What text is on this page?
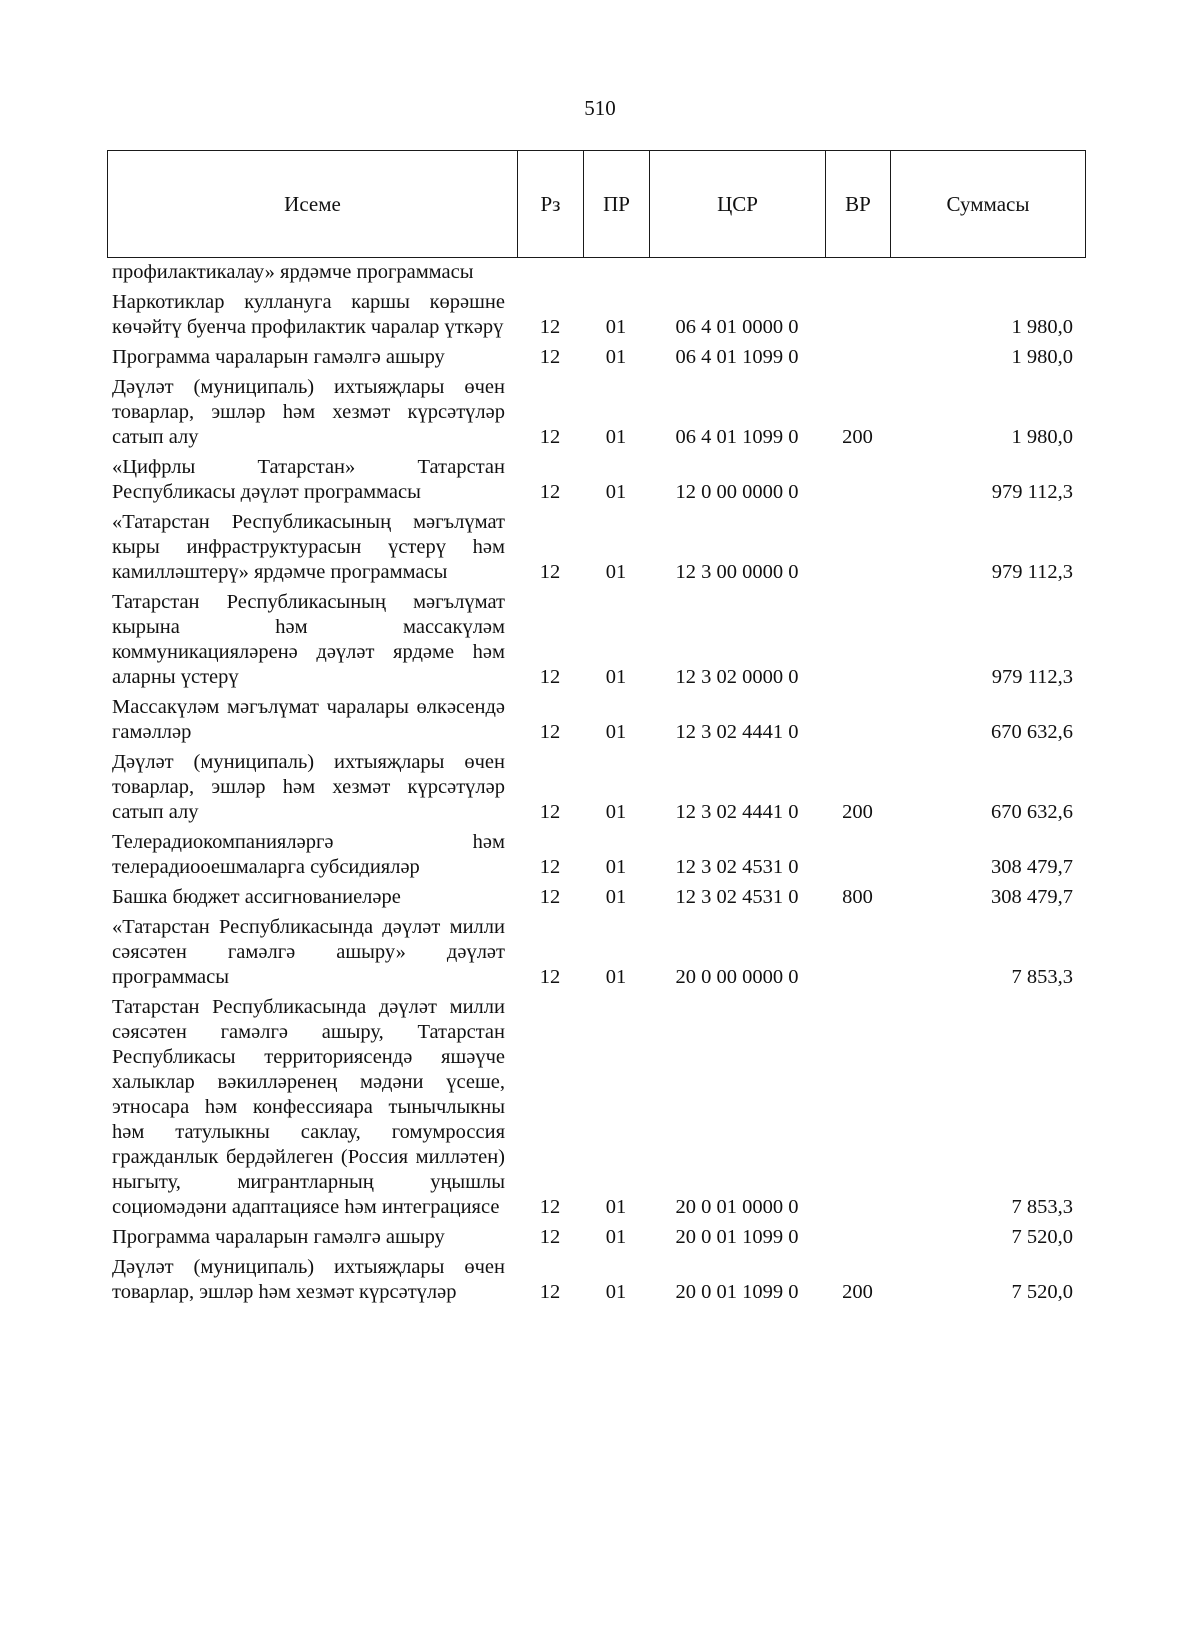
510
Исеме	Рз	ПР	ЦСР	ВР	Суммасы
профилактикалау» ярдәмче программасы					
Наркотиклар куллануга каршы көрәшне көчәйтү буенча профилактик чаралар үткәрү	12	01	06 4 01 0000 0		1 980,0
Программа чараларын гамәлгә ашыру	12	01	06 4 01 1099 0		1 980,0
Дәүләт (муниципаль) ихтыяҗлары өчен товарлар, эшләр һәм хезмәт күрсәтүләр сатып алу	12	01	06 4 01 1099 0	200	1 980,0
«Цифрлы Татарстан» Татарстан Республикасы дәүләт программасы	12	01	12 0 00 0000 0		979 112,3
«Татарстан Республикасының мәгълүмат кыры инфраструктурасын үстерү һәм камилләштерү» ярдәмче программасы	12	01	12 3 00 0000 0		979 112,3
Татарстан Республикасының мәгълүмат кырына һәм массакүләм коммуникацияләренә дәүләт ярдәме һәм аларны үстерү	12	01	12 3 02 0000 0		979 112,3
Массакүләм мәгълүмат чаралары өлкәсендә гамәлләр	12	01	12 3 02 4441 0		670 632,6
Дәүләт (муниципаль) ихтыяҗлары өчен товарлар, эшләр һәм хезмәт күрсәтүләр сатып алу	12	01	12 3 02 4441 0	200	670 632,6
Телерадиокомпанияләргә һәм телерадиооешмаларга субсидияләр	12	01	12 3 02 4531 0		308 479,7
Башка бюджет ассигнованиеләре	12	01	12 3 02 4531 0	800	308 479,7
«Татарстан Республикасында дәүләт милли сәясәтен гамәлгә ашыру» дәүләт программасы	12	01	20 0 00 0000 0		7 853,3
Татарстан Республикасында дәүләт милли сәясәтен гамәлгә ашыру, Татарстан Республикасы территориясендә яшәүче халыклар вәкилләренең мәдәни үсеше, этносара һәм конфессияара тынычлыкны һәм татулыкны саклау, гомумроссия гражданлык бердәйлеген (Россия милләтен) ныгыту, мигрантларның уңышлы социомәдәни адаптациясе һәм интеграциясе	12	01	20 0 01 0000 0		7 853,3
Программа чараларын гамәлгә ашыру	12	01	20 0 01 1099 0		7 520,0
Дәүләт (муниципаль) ихтыяҗлары өчен товарлар, эшләр һәм хезмәт күрсәтүләр	12	01	20 0 01 1099 0	200	7 520,0
